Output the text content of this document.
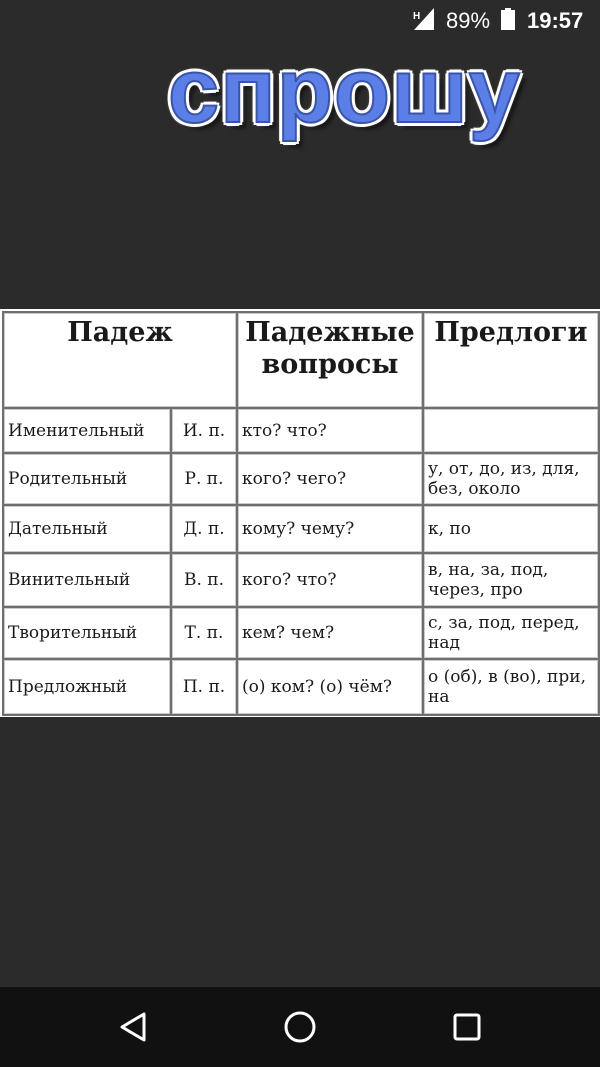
H 89% 19:57
спрошу
Падеж		Падежные вопросы	Предлоги
Именительный	И. п.	кто? что?	
Родительный	Р. п.	кого? чего?	у, от, до, из, для, без, около
Дательный	Д. п.	кому? чему?	к, по
Винительный	В. п.	кого? что?	в, на, за, под, через, про
Творительный	Т. п.	кем? чем?	с, за, под, перед, над
Предложный	П. п.	(о) ком? (о) чём?	о (об), в (во), при, на
